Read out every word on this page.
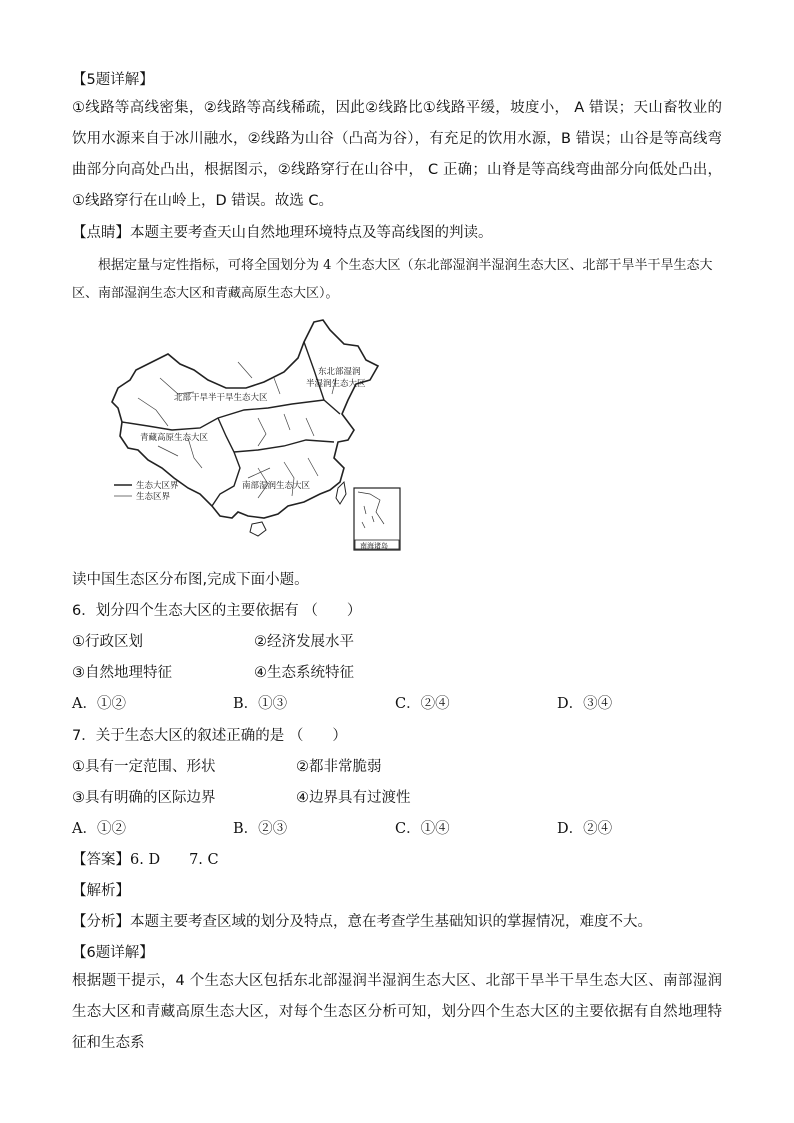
【5题详解】
①线路等高线密集，②线路等高线稀疏，因此②线路比①线路平缓，坡度小， A 错误；天山畜牧业的饮用水源来自于冰川融水，②线路为山谷（凸高为谷），有充足的饮用水源，B 错误；山谷是等高线弯曲部分向高处凸出，根据图示，②线路穿行在山谷中， C 正确；山脊是等高线弯曲部分向低处凸出，①线路穿行在山岭上，D 错误。故选 C。
【点睛】本题主要考查天山自然地理环境特点及等高线图的判读。
根据定量与定性指标，可将全国划分为 4 个生态大区（东北部湿润半湿润生态大区、北部干旱半干旱生态大区、南部湿润生态大区和青藏高原生态大区）。
南海诸岛
东北部湿润
半湿润生态大区
北部干旱半干旱生态大区
青藏高原生态大区
南部湿润生态大区
生态大区界
生态区界
读中国生态区分布图,完成下面小题。
6．划分四个生态大区的主要依据有 （　　）
①行政区划	②经济发展水平
③自然地理特征	④生态系统特征
A．①②	B．①③	C．②④	D．③④
7．关于生态大区的叙述正确的是 （　　）
①具有一定范围、形状	②都非常脆弱
③具有明确的区际边界	④边界具有过渡性
A．①②	B．②③	C．①④	D．②④
【答案】6. D　　7. C
【解析】
【分析】本题主要考查区域的划分及特点，意在考查学生基础知识的掌握情况，难度不大。
【6题详解】
根据题干提示，4 个生态大区包括东北部湿润半湿润生态大区、北部干旱半干旱生态大区、南部湿润生态大区和青藏高原生态大区，对每个生态区分析可知，划分四个生态大区的主要依据有自然地理特征和生态系
